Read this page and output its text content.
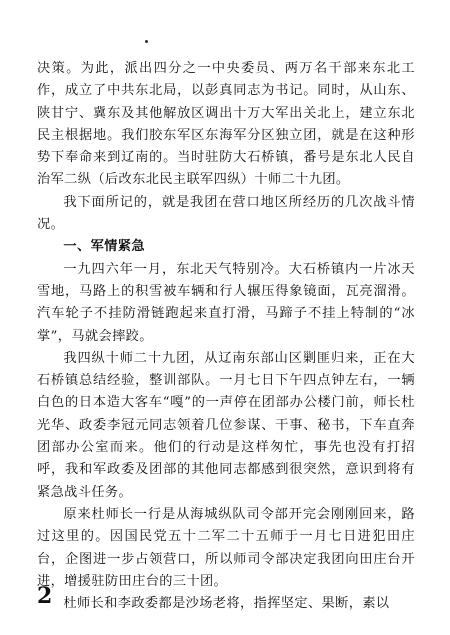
决策。为此，派出四分之一中央委员、两万名干部来东北工作，成立了中共东北局，以彭真同志为书记。同时，从山东、陕甘宁、冀东及其他解放区调出十万大军出关北上，建立东北民主根据地。我们胶东军区东海军分区独立团，就是在这种形势下奉命来到辽南的。当时驻防大石桥镇，番号是东北人民自治军二纵（后改东北民主联军四纵）十师二十九团。

我下面所记的，就是我团在营口地区所经历的几次战斗情况。

一、军情紧急

一九四六年一月，东北天气特别冷。大石桥镇内一片冰天雪地，马路上的积雪被车辆和行人辗压得象镜面，瓦亮溜滑。汽车轮子不挂防滑链跑起来直打滑，马蹄子不挂上特制的“冰掌”，马就会摔跤。

我四纵十师二十九团，从辽南东部山区剿匪归来，正在大石桥镇总结经验，整训部队。一月七日下午四点钟左右，一辆白色的日本造大客车“嘎”的一声停在团部办公楼门前，师长杜光华、政委李冠元同志领着几位参谋、干事、秘书，下车直奔团部办公室而来。他们的行动是这样匆忙，事先也没有打招呼，我和军政委及团部的其他同志都感到很突然，意识到将有紧急战斗任务。

原来杜师长一行是从海城纵队司令部开完会刚刚回来，路过这里的。因国民党五十二军二十五师于一月七日进犯田庄台，企图进一步占领营口，所以师司令部决定我团向田庄台开进，增援驻防田庄台的三十团。

杜师长和李政委都是沙场老将，指挥坚定、果断，素以

2
